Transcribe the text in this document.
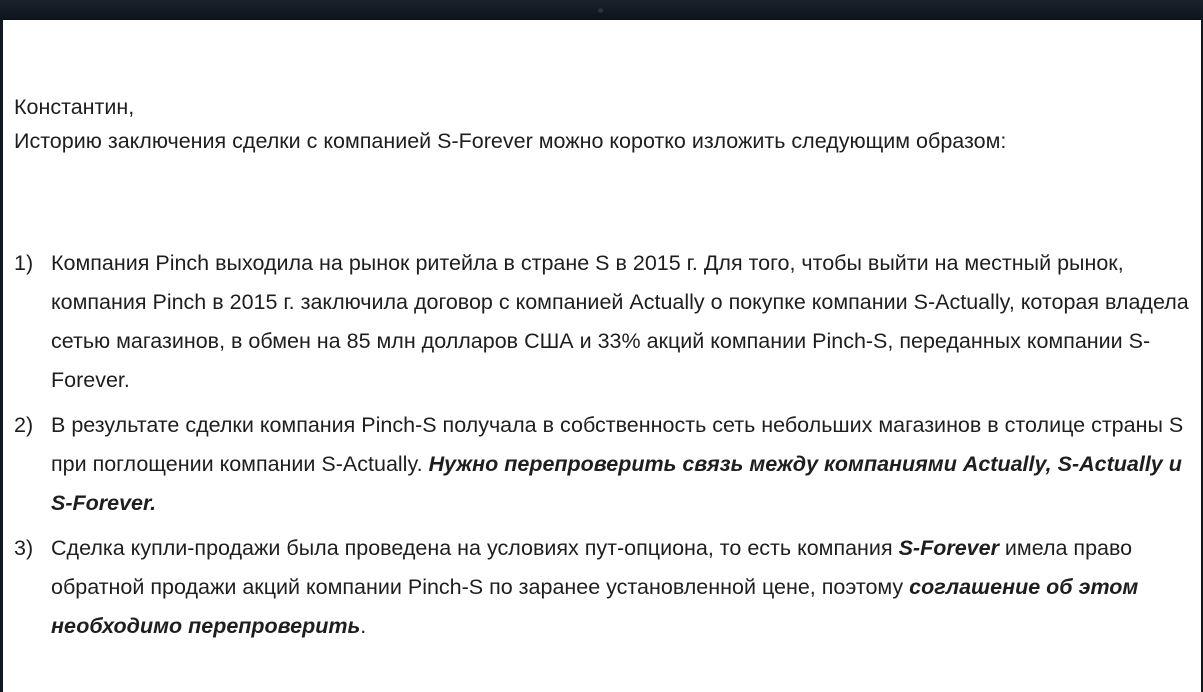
Константин,
Историю заключения сделки с компанией S-Forever можно коротко изложить следующим образом:
1) Компания Pinch выходила на рынок ритейла в стране S в 2015 г. Для того, чтобы выйти на местный рынок, компания Pinch в 2015 г. заключила договор с компанией Actually о покупке компании S-Actually, которая владела сетью магазинов, в обмен на 85 млн долларов США и 33% акций компании Pinch-S, переданных компании S-Forever.
2) В результате сделки компания Pinch-S получала в собственность сеть небольших магазинов в столице страны S при поглощении компании S-Actually. Нужно перепроверить связь между компаниями Actually, S-Actually и S-Forever.
3) Сделка купли-продажи была проведена на условиях пут-опциона, то есть компания S-Forever имела право обратной продажи акций компании Pinch-S по заранее установленной цене, поэтому соглашение об этом необходимо перепроверить.
